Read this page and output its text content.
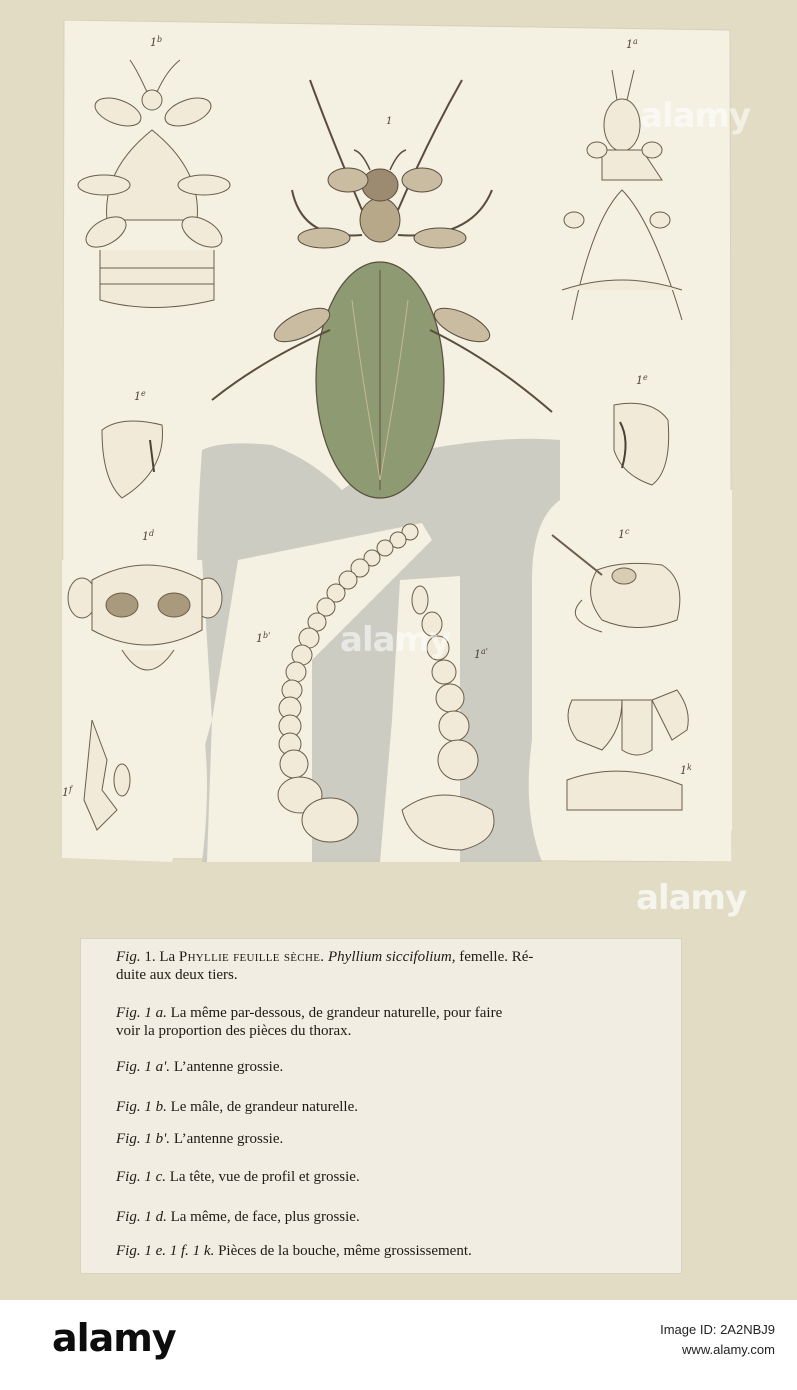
1
1$^a$
1$^b$
1e
1e
1$^d$	1$^c$
$1^{b'}$
$1^{a'}$
1$^f$
1$^k$
Fig. 1. La Phyllie feuille sèche. Phyllium siccifolium, femelle. Ré-
duite aux deux tiers.
Fig. 1 a. La même par-dessous, de grandeur naturelle, pour faire
voir la proportion des pièces du thorax.
Fig. 1 a'. L’antenne grossie.
Fig. 1 b. Le mâle, de grandeur naturelle.
Fig. 1 b'. L’antenne grossie.
Fig. 1 c. La tête, vue de profil et grossie.
Fig. 1 d. La même, de face, plus grossie.
Fig. 1 e. 1 f. 1 k. Pièces de la bouche, même grossissement.
alamy
alamy
alamy
alamy	Image ID: 2A2NBJ9
www.alamy.com
